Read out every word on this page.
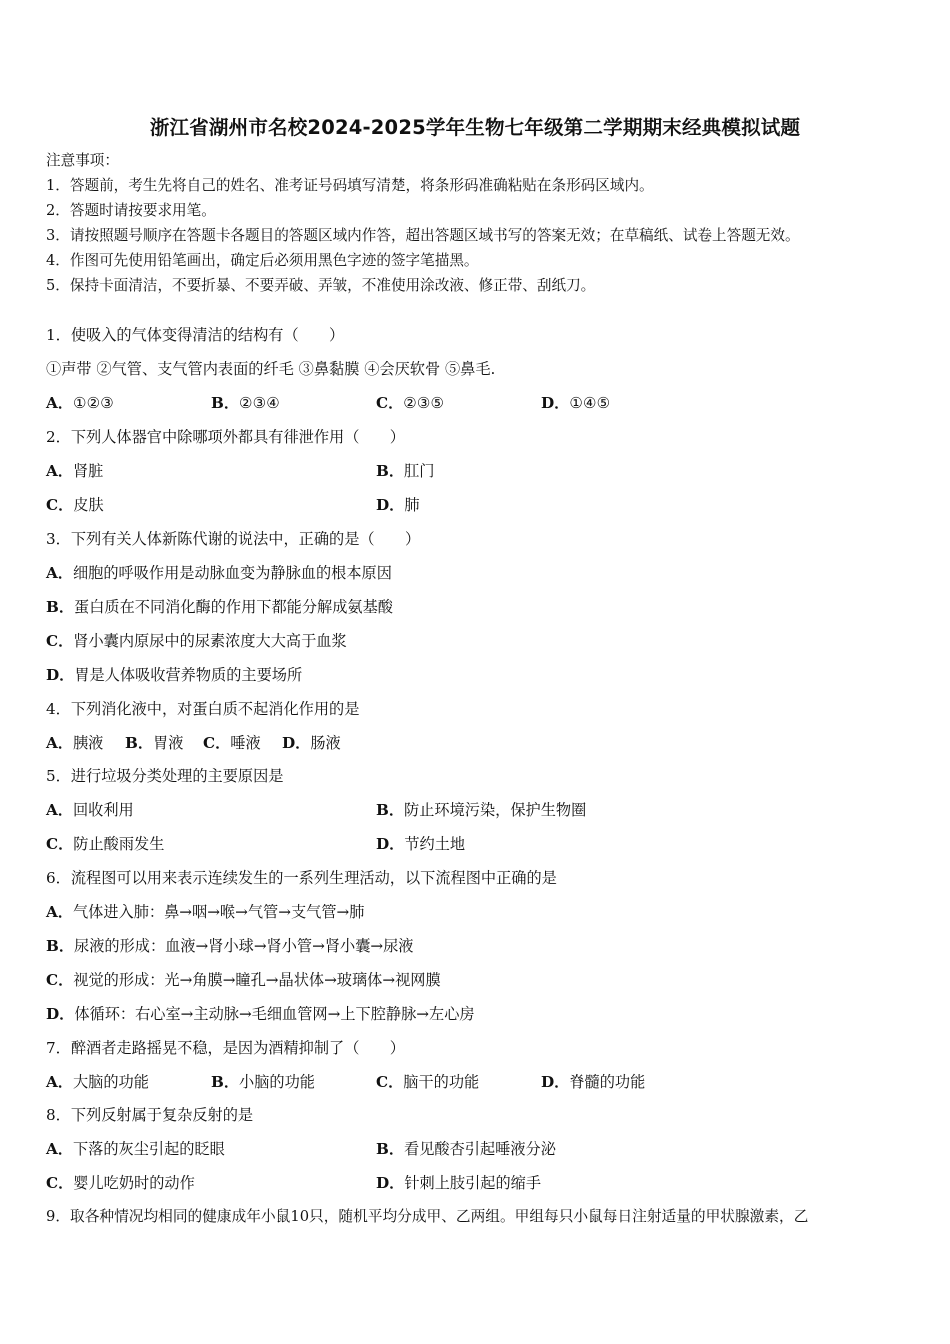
浙江省湖州市名校2024-2025学年生物七年级第二学期期末经典模拟试题
注意事项：
1．答题前，考生先将自己的姓名、准考证号码填写清楚，将条形码准确粘贴在条形码区域内。
2．答题时请按要求用笔。
3．请按照题号顺序在答题卡各题目的答题区域内作答，超出答题区域书写的答案无效；在草稿纸、试卷上答题无效。
4．作图可先使用铅笔画出，确定后必须用黑色字迹的签字笔描黑。
5．保持卡面清洁，不要折暴、不要弄破、弄皱，不准使用涂改液、修正带、刮纸刀。
1．使吸入的气体变得清洁的结构有（　　）
①声带 ②气管、支气管内表面的纤毛 ③鼻黏膜 ④会厌软骨 ⑤鼻毛.
A．①②③	B．②③④	C．②③⑤	D．①④⑤
2．下列人体器官中除哪项外都具有徘泄作用（　　）
A．肾脏	B．肛门
C．皮肤	D．肺
3．下列有关人体新陈代谢的说法中，正确的是（　　）
A．细胞的呼吸作用是动脉血变为静脉血的根本原因
B．蛋白质在不同消化酶的作用下都能分解成氨基酸
C．肾小囊内原尿中的尿素浓度大大高于血浆
D．胃是人体吸收营养物质的主要场所
4．下列消化液中，对蛋白质不起消化作用的是
A．胰液 B．胃液 C．唾液 D．肠液
5．进行垃圾分类处理的主要原因是
A．回收利用	B．防止环境污染，保护生物圈
C．防止酸雨发生	D．节约土地
6．流程图可以用来表示连续发生的一系列生理活动，以下流程图中正确的是
A．气体进入肺：鼻→咽→喉→气管→支气管→肺
B．尿液的形成：血液→肾小球→肾小管→肾小囊→尿液
C．视觉的形成：光→角膜→瞳孔→晶状体→玻璃体→视网膜
D．体循环：右心室→主动脉→毛细血管网→上下腔静脉→左心房
7．醉酒者走路摇晃不稳，是因为酒精抑制了（　　）
A．大脑的功能	B．小脑的功能	C．脑干的功能	D．脊髓的功能
8．下列反射属于复杂反射的是
A．下落的灰尘引起的眨眼	B．看见酸杏引起唾液分泌
C．婴儿吃奶时的动作	D．针刺上肢引起的缩手
9．取各种情况均相同的健康成年小鼠10只，随机平均分成甲、乙两组。甲组每只小鼠每日注射适量的甲状腺激素，乙
